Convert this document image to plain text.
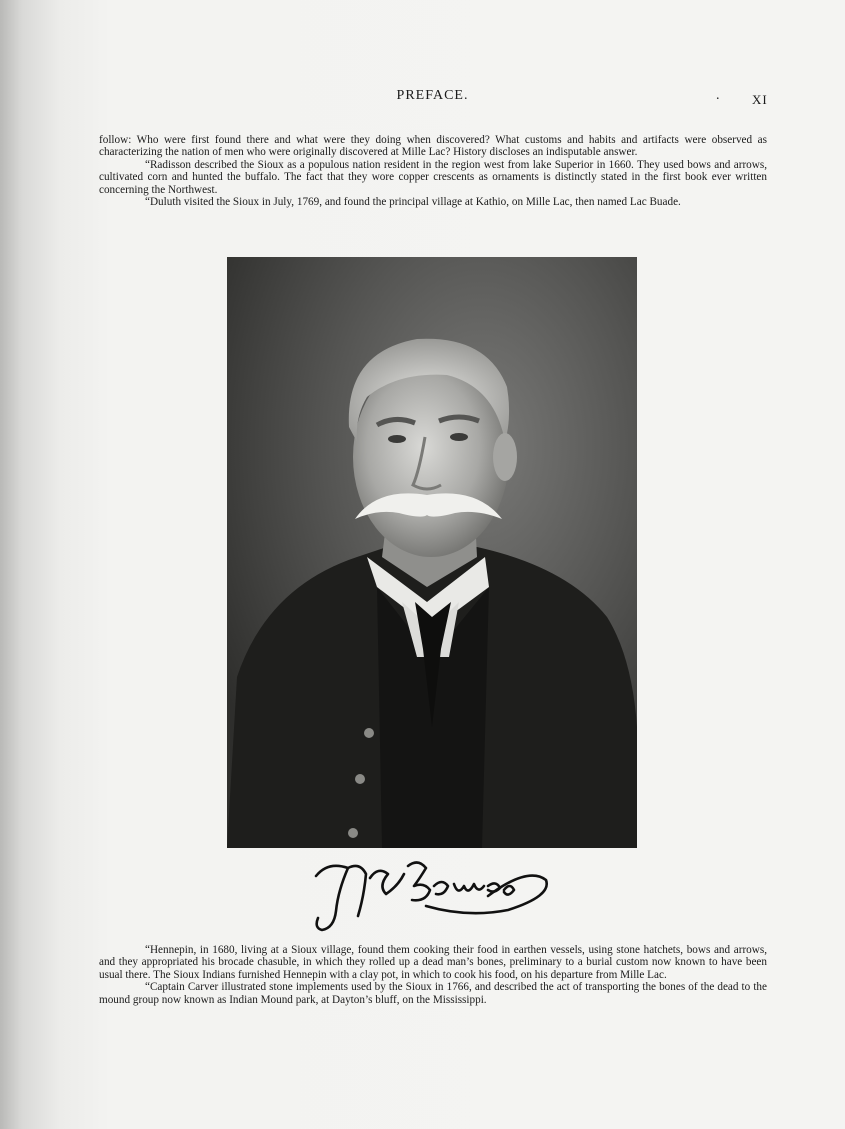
PREFACE.	.	XI

follow: Who were first found there and what were they doing when discovered? What customs and habits and artifacts were observed as characterizing the nation of men who were originally discovered at Mille Lac? History discloses an indisputable answer.

“Radisson described the Sioux as a populous nation resident in the region west from lake Superior in 1660. They used bows and arrows, cultivated corn and hunted the buffalo. The fact that they wore copper crescents as ornaments is distinctly stated in the first book ever written concerning the Northwest.

“Duluth visited the Sioux in July, 1769, and found the principal village at Kathio, on Mille Lac, then named Lac Buade.

“Hennepin, in 1680, living at a Sioux village, found them cooking their food in earthen vessels, using stone hatchets, bows and arrows, and they appropriated his brocade chasuble, in which they rolled up a dead man’s bones, preliminary to a burial custom now known to have been usual there. The Sioux Indians furnished Hennepin with a clay pot, in which to cook his food, on his departure from Mille Lac.

“Captain Carver illustrated stone implements used by the Sioux in 1766, and described the act of transporting the bones of the dead to the mound group now known as Indian Mound park, at Dayton’s bluff, on the Mississippi.
